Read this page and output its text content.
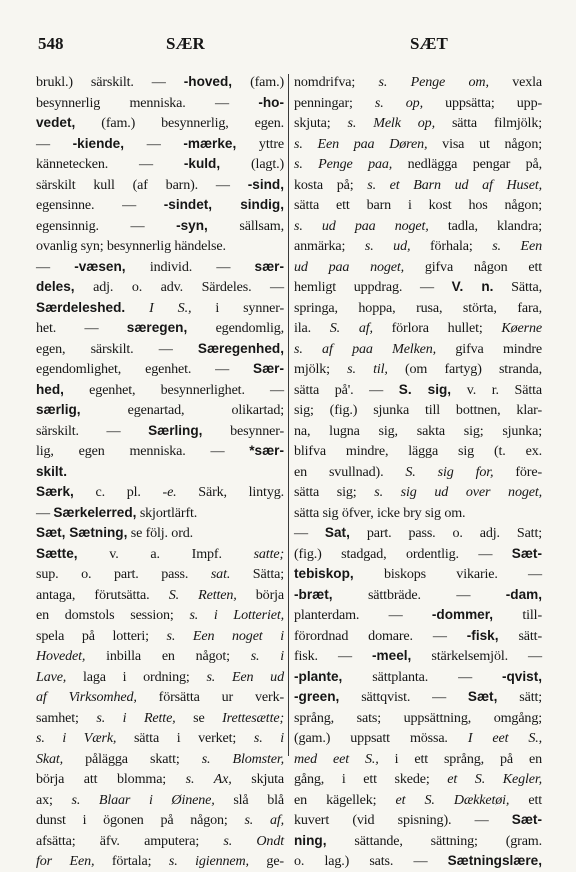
548	SÆR	SÆT
brukl.) särskilt. — -hoved, (fam.)
besynnerlig menniska. — -ho-
vedet, (fam.) besynnerlig, egen.
— -kiende, — -mærke, yttre
kännetecken. — -kuld, (lagt.)
särskilt kull (af barn). — -sind,
egensinne. — -sindet, sindig,
egensinnig. — -syn, sällsam,
ovanlig syn; besynnerlig händelse.
— -væsen, individ. — sær-
deles, adj. o. adv. Särdeles. —
Særdeleshed. I S., i synner-
het. — særegen, egendomlig,
egen, särskilt. — Særegenhed,
egendomlighet, egenhet. — Sær-
hed, egenhet, besynnerlighet. —
særlig, egenartad, olikartad;
särskilt. — Særling, besynner-
lig, egen menniska. — *sær-
skilt.
Særk, c. pl. -e. Särk, lintyg.
— Særkelerred, skjortlärft.
Sæt, Sætning, se följ. ord.
Sætte, v. a. Impf. satte;
sup. o. part. pass. sat. Sätta;
antaga, förutsätta. S. Retten, börja
en domstols session; s. i Lotteriet,
spela på lotteri; s. Een noget i
Hovedet, inbilla en något; s. i
Lave, laga i ordning; s. Een ud
af Virksomhed, försätta ur verk-
samhet; s. i Rette, se Irettesætte;
s. i Værk, sätta i verket; s. i
Skat, pålägga skatt; s. Blomster,
börja att blomma; s. Ax, skjuta
ax; s. Blaar i Øinene, slå blå
dunst i ögonen på någon; s. af,
afsätta; äfv. amputera; s. Ondt
for Een, förtala; s. igiennem, ge-
nomdrifva; s. Penge om, vexla
penningar; s. op, uppsätta; upp-
skjuta; s. Melk op, sätta filmjölk;
s. Een paa Døren, visa ut någon;
s. Penge paa, nedlägga pengar på,
kosta på; s. et Barn ud af Huset,
sätta ett barn i kost hos någon;
s. ud paa noget, tadla, klandra;
anmärka; s. ud, förhala; s. Een
ud paa noget, gifva någon ett
hemligt uppdrag. — V. n. Sätta,
springa, hoppa, rusa, störta, fara,
ila. S. af, förlora hullet; Køerne
s. af paa Melken, gifva mindre
mjölk; s. til, (om fartyg) stranda,
sätta på'. — S. sig, v. r. Sätta
sig; (fig.) sjunka till bottnen, klar-
na, lugna sig, sakta sig; sjunka;
blifva mindre, lägga sig (t. ex.
en svullnad). S. sig for, före-
sätta sig; s. sig ud over noget,
sätta sig öfver, icke bry sig om.
— Sat, part. pass. o. adj. Satt;
(fig.) stadgad, ordentlig. — Sæt-
tebiskop, biskops vikarie. —
-bræt, sättbräde. — -dam,
planterdam. — -dommer, till-
förordnad domare. — -fisk, sätt-
fisk. — -meel, stärkelsemjöl. —
-plante, sättplanta. — -qvist,
-green, sättqvist. — Sæt, sätt;
språng, sats; uppsättning, omgång;
(gam.) uppsatt mössa. I eet S.,
med eet S., i ett språng, på en
gång, i ett skede; et S. Kegler,
en kägellek; et S. Dækketøi, ett
kuvert (vid spisning). — Sæt-
ning, sättande, sättning; (gram.
o. lag.) sats. — Sætningslære,
